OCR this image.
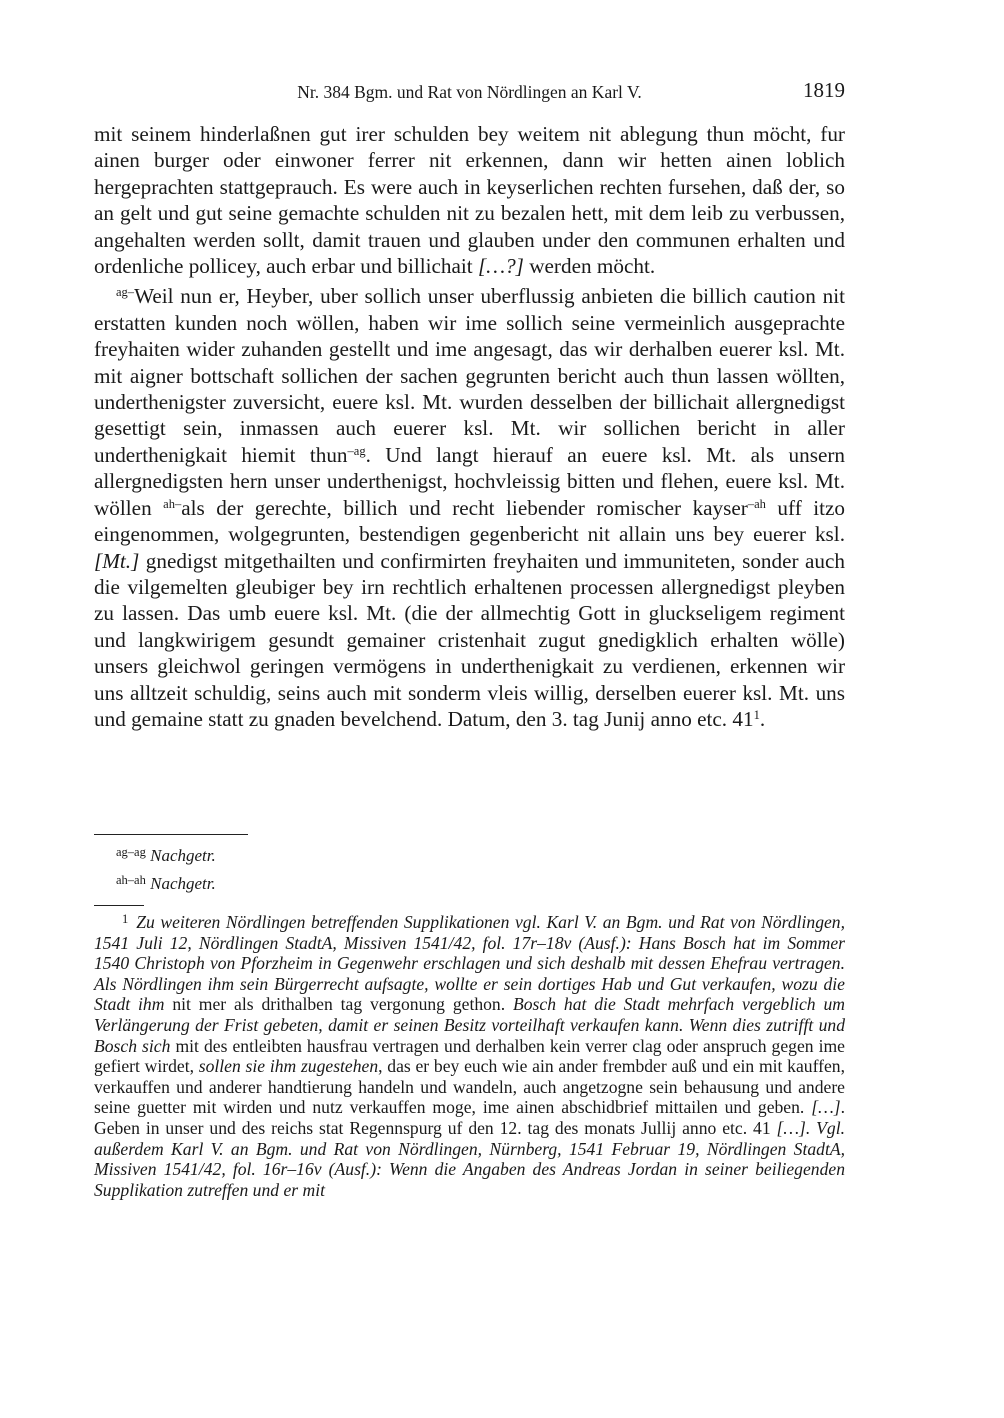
Nr. 384 Bgm. und Rat von Nördlingen an Karl V.	1819

mit seinem hinderlaßnen gut irer schulden bey weitem nit ablegung thun möcht, fur ainen burger oder einwoner ferrer nit erkennen, dann wir hetten ainen loblich hergeprachten stattgeprauch. Es were auch in keyserlichen rechten fursehen, daß der, so an gelt und gut seine gemachte schulden nit zu bezalen hett, mit dem leib zu verbussen, angehalten werden sollt, damit trauen und glauben under den communen erhalten und ordenliche pollicey, auch erbar und billichait […?] werden möcht.

$^{ag-}$Weil nun er, Heyber, uber sollich unser uberflussig anbieten die billich caution nit erstatten kunden noch wöllen, haben wir ime sollich seine vermeinlich ausgeprachte freyhaiten wider zuhanden gestellt und ime angesagt, das wir derhalben euerer ksl. Mt. mit aigner bottschaft sollichen der sachen gegrunten bericht auch thun lassen wöllten, underthenigster zuversicht, euere ksl. Mt. wurden desselben der billichait allergnedigst gesettigt sein, inmassen auch euerer ksl. Mt. wir sollichen bericht in aller underthenigkait hiemit thun$^{-ag}$. Und langt hierauf an euere ksl. Mt. als unsern allergnedigsten hern unser underthenigst, hochvleissig bitten und flehen, euere ksl. Mt. wöllen $^{ah-}$als der gerechte, billich und recht liebender romischer kayser$^{-ah}$ uff itzo eingenommen, wolgegrunten, bestendigen gegenbericht nit allain uns bey euerer ksl. [Mt.] gnedigst mitgethailten und confirmirten freyhaiten und immuniteten, sonder auch die vilgemelten gleubiger bey irn rechtlich erhaltenen processen allergnedigst pleyben zu lassen. Das umb euere ksl. Mt. (die der allmechtig Gott in gluckseligem regiment und langkwirigem gesundt gemainer cristenhait zugut gnedigklich erhalten wölle) unsers gleichwol geringen vermögens in underthenigkait zu verdienen, erkennen wir uns alltzeit schuldig, seins auch mit sonderm vleis willig, derselben euerer ksl. Mt. uns und gemaine statt zu gnaden bevelchend. Datum, den 3. tag Junij anno etc. $41^1$.

$^{ag-ag}$ Nachgetr.
$^{ah-ah}$ Nachgetr.
1 Zu weiteren Nördlingen betreffenden Supplikationen vgl. Karl V. an Bgm. und Rat von Nördlingen, 1541 Juli 12, Nördlingen StadtA, Missiven 1541/42, fol. 17r–18v (Ausf.): Hans Bosch hat im Sommer 1540 Christoph von Pforzheim in Gegenwehr erschlagen und sich deshalb mit dessen Ehefrau vertragen. Als Nördlingen ihm sein Bürgerrecht aufsagte, wollte er sein dortiges Hab und Gut verkaufen, wozu die Stadt ihm nit mer als drithalben tag vergonung gethon. Bosch hat die Stadt mehrfach vergeblich um Verlängerung der Frist gebeten, damit er seinen Besitz vorteilhaft verkaufen kann. Wenn dies zutrifft und Bosch sich mit des entleibten hausfrau vertragen und derhalben kein verrer clag oder anspruch gegen ime gefiert wirdet, sollen sie ihm zugestehen, das er bey euch wie ain ander frembder auß und ein mit kauffen, verkauffen und anderer handtierung handeln und wandeln, auch angetzogne sein behausung und andere seine guetter mit wirden und nutz verkauffen moge, ime ainen abschidbrief mittailen und geben. […]. Geben in unser und des reichs stat Regennspurg uf den 12. tag des monats Jullij anno etc. 41 […]. Vgl. außerdem Karl V. an Bgm. und Rat von Nördlingen, Nürnberg, 1541 Februar 19, Nördlingen StadtA, Missiven 1541/42, fol. 16r–16v (Ausf.): Wenn die Angaben des Andreas Jordan in seiner beiliegenden Supplikation zutreffen und er mit
